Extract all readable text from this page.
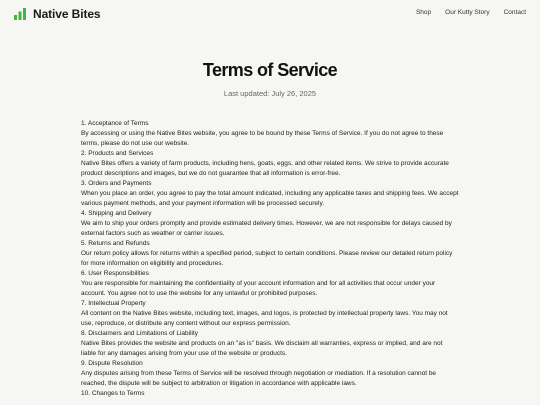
Native Bites	Shop Our Kutty Story Contact
Terms of Service
Last updated: July 26, 2025

1. Acceptance of Terms

By accessing or using the Native Bites website, you agree to be bound by these Terms of Service. If you do not agree to these terms, please do not use our website.

2. Products and Services

Native Bites offers a variety of farm products, including hens, goats, eggs, and other related items. We strive to provide accurate product descriptions and images, but we do not guarantee that all information is error-free.

3. Orders and Payments

When you place an order, you agree to pay the total amount indicated, including any applicable taxes and shipping fees. We accept various payment methods, and your payment information will be processed securely.

4. Shipping and Delivery

We aim to ship your orders promptly and provide estimated delivery times. However, we are not responsible for delays caused by external factors such as weather or carrier issues.

5. Returns and Refunds

Our return policy allows for returns within a specified period, subject to certain conditions. Please review our detailed return policy for more information on eligibility and procedures.

6. User Responsibilities

You are responsible for maintaining the confidentiality of your account information and for all activities that occur under your account. You agree not to use the website for any unlawful or prohibited purposes.

7. Intellectual Property

All content on the Native Bites website, including text, images, and logos, is protected by intellectual property laws. You may not use, reproduce, or distribute any content without our express permission.

8. Disclaimers and Limitations of Liability

Native Bites provides the website and products on an "as is" basis. We disclaim all warranties, express or implied, and are not liable for any damages arising from your use of the website or products.

9. Dispute Resolution

Any disputes arising from these Terms of Service will be resolved through negotiation or mediation. If a resolution cannot be reached, the dispute will be subject to arbitration or litigation in accordance with applicable laws.

10. Changes to Terms
